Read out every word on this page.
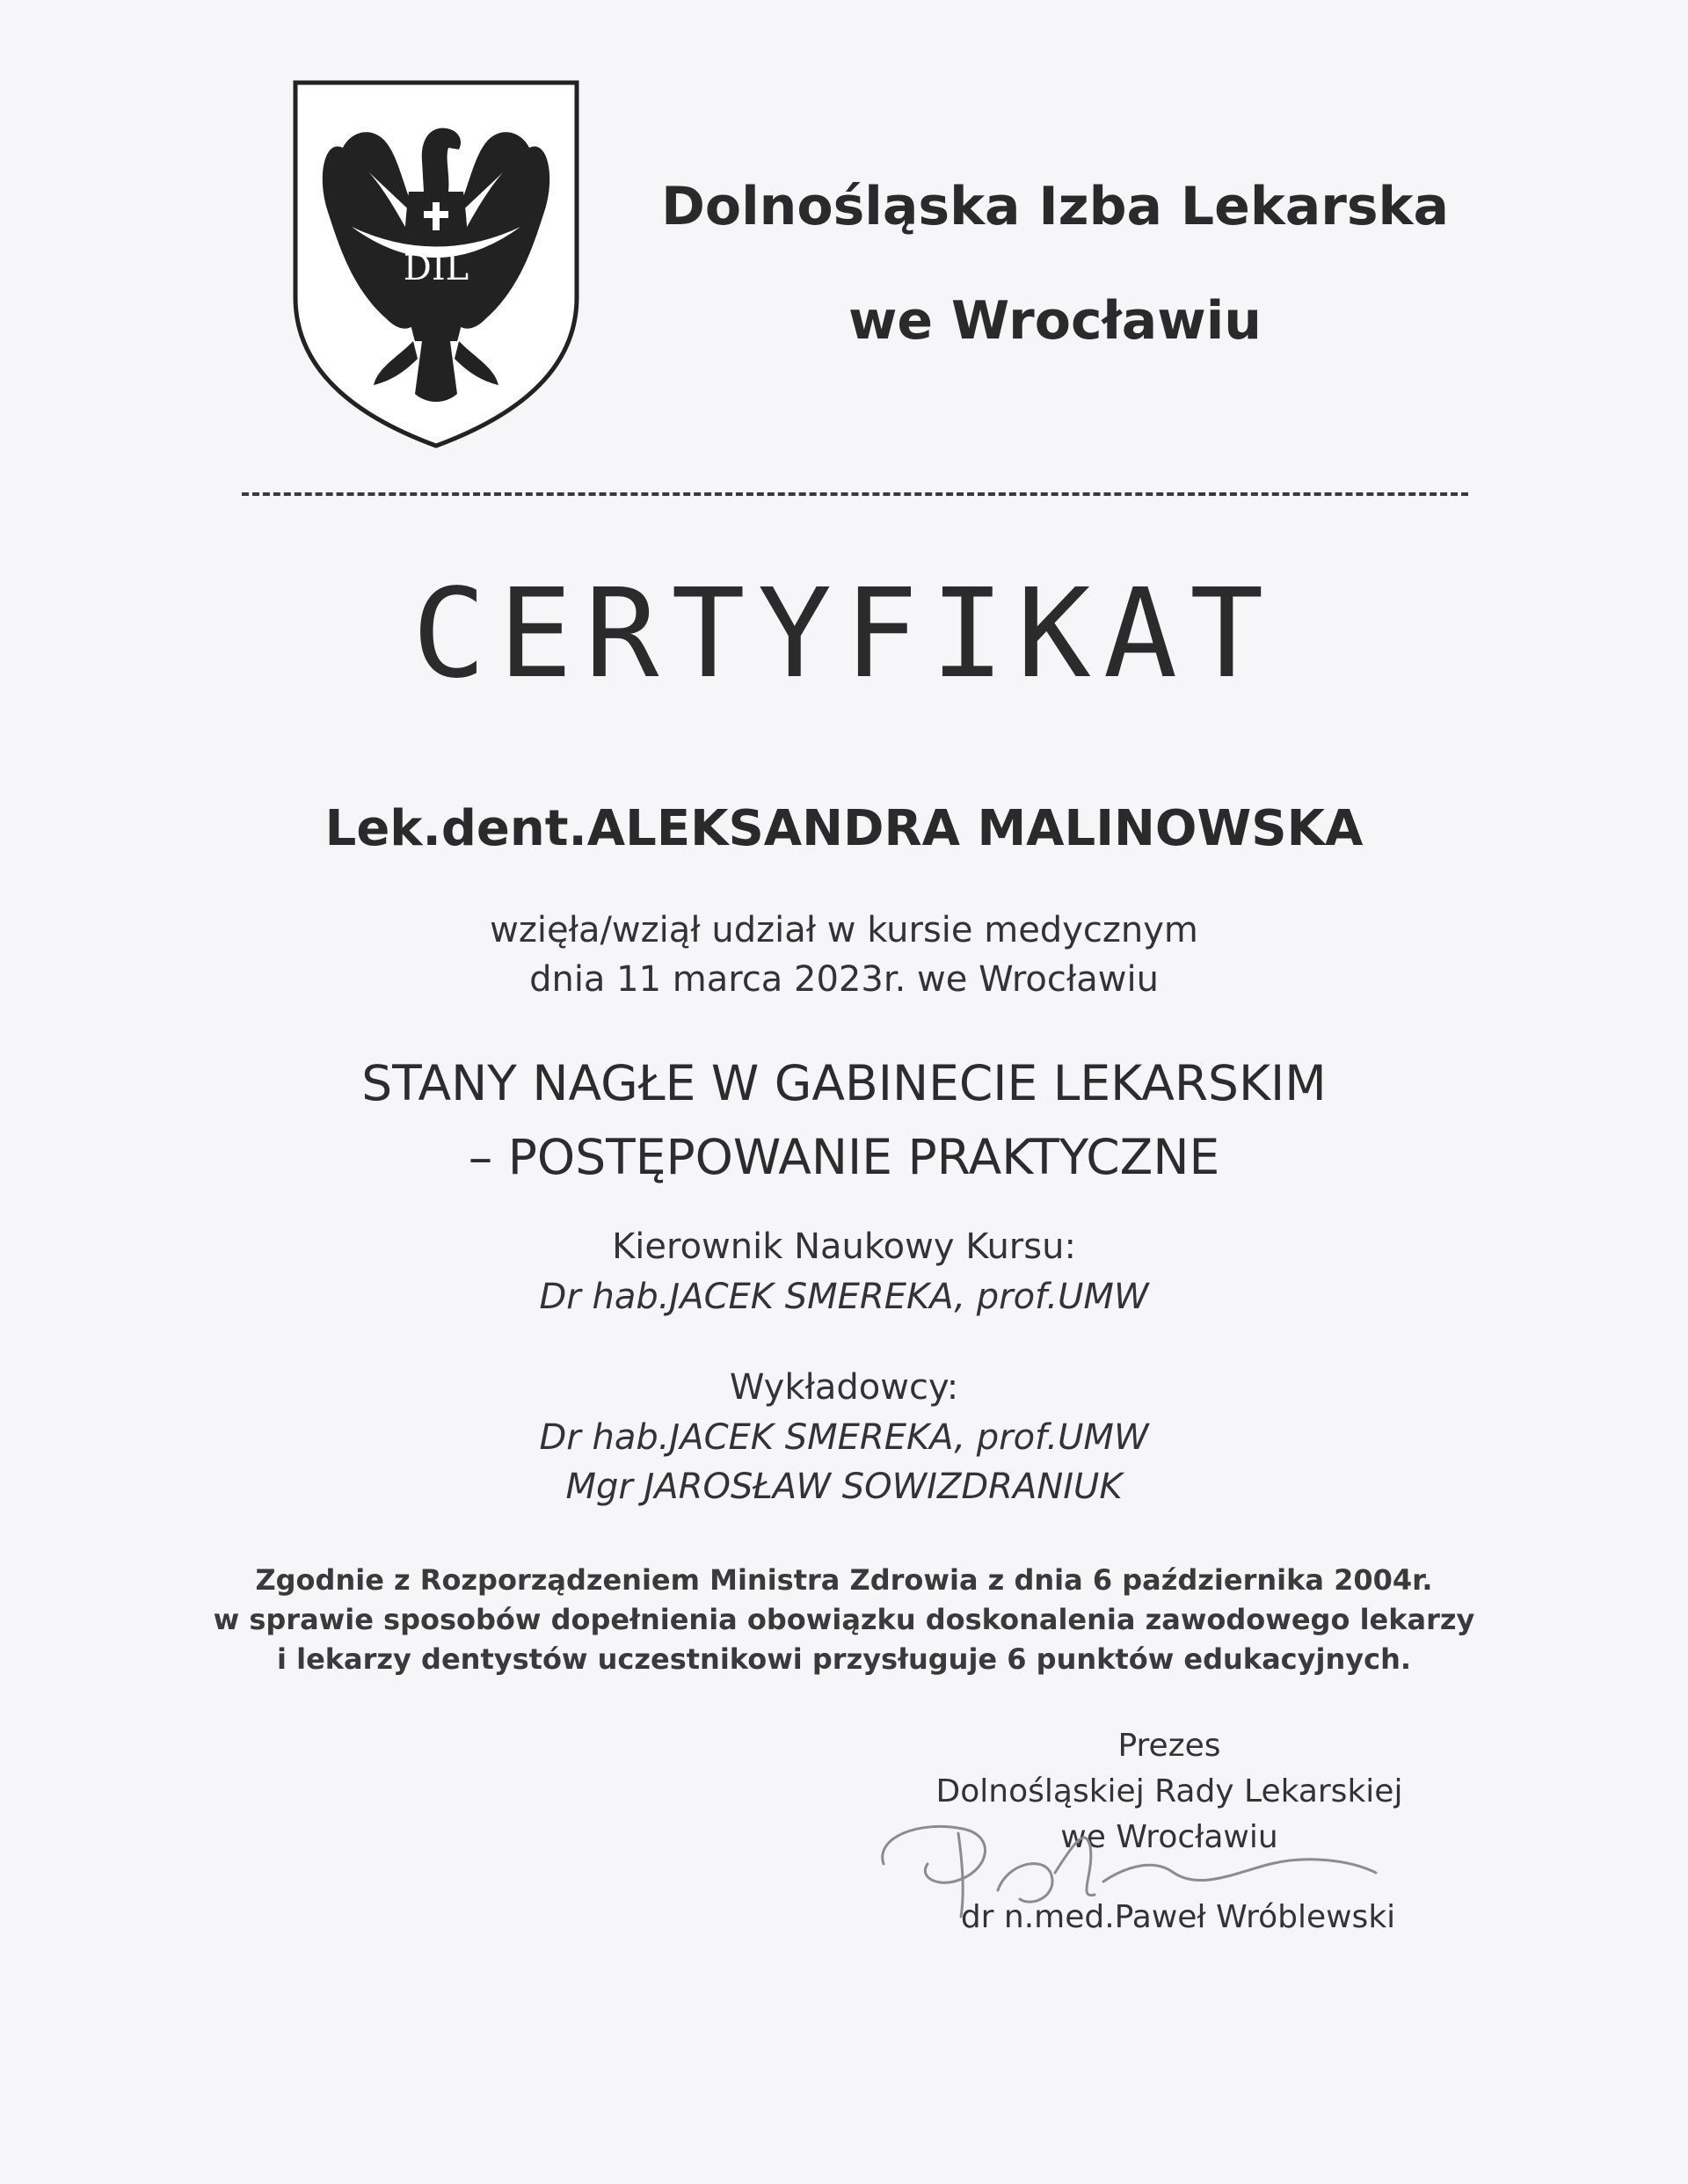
DIL
Dolnośląska Izba Lekarska
we Wrocławiu
CERTYFIKAT
Lek.dent.ALEKSANDRA MALINOWSKA
wzięła/wziął udział w kursie medycznym
dnia 11 marca 2023r. we Wrocławiu
STANY NAGŁE W GABINECIE LEKARSKIM
– POSTĘPOWANIE PRAKTYCZNE
Kierownik Naukowy Kursu:
Dr hab.JACEK SMEREKA, prof.UMW
Wykładowcy:
Dr hab.JACEK SMEREKA, prof.UMW
Mgr JAROSŁAW SOWIZDRANIUK
Zgodnie z Rozporządzeniem Ministra Zdrowia z dnia 6 października 2004r.
w sprawie sposobów dopełnienia obowiązku doskonalenia zawodowego lekarzy
i lekarzy dentystów uczestnikowi przysługuje 6 punktów edukacyjnych.
Prezes
Dolnośląskiej Rady Lekarskiej
we Wrocławiu
dr n.med.Paweł Wróblewski
